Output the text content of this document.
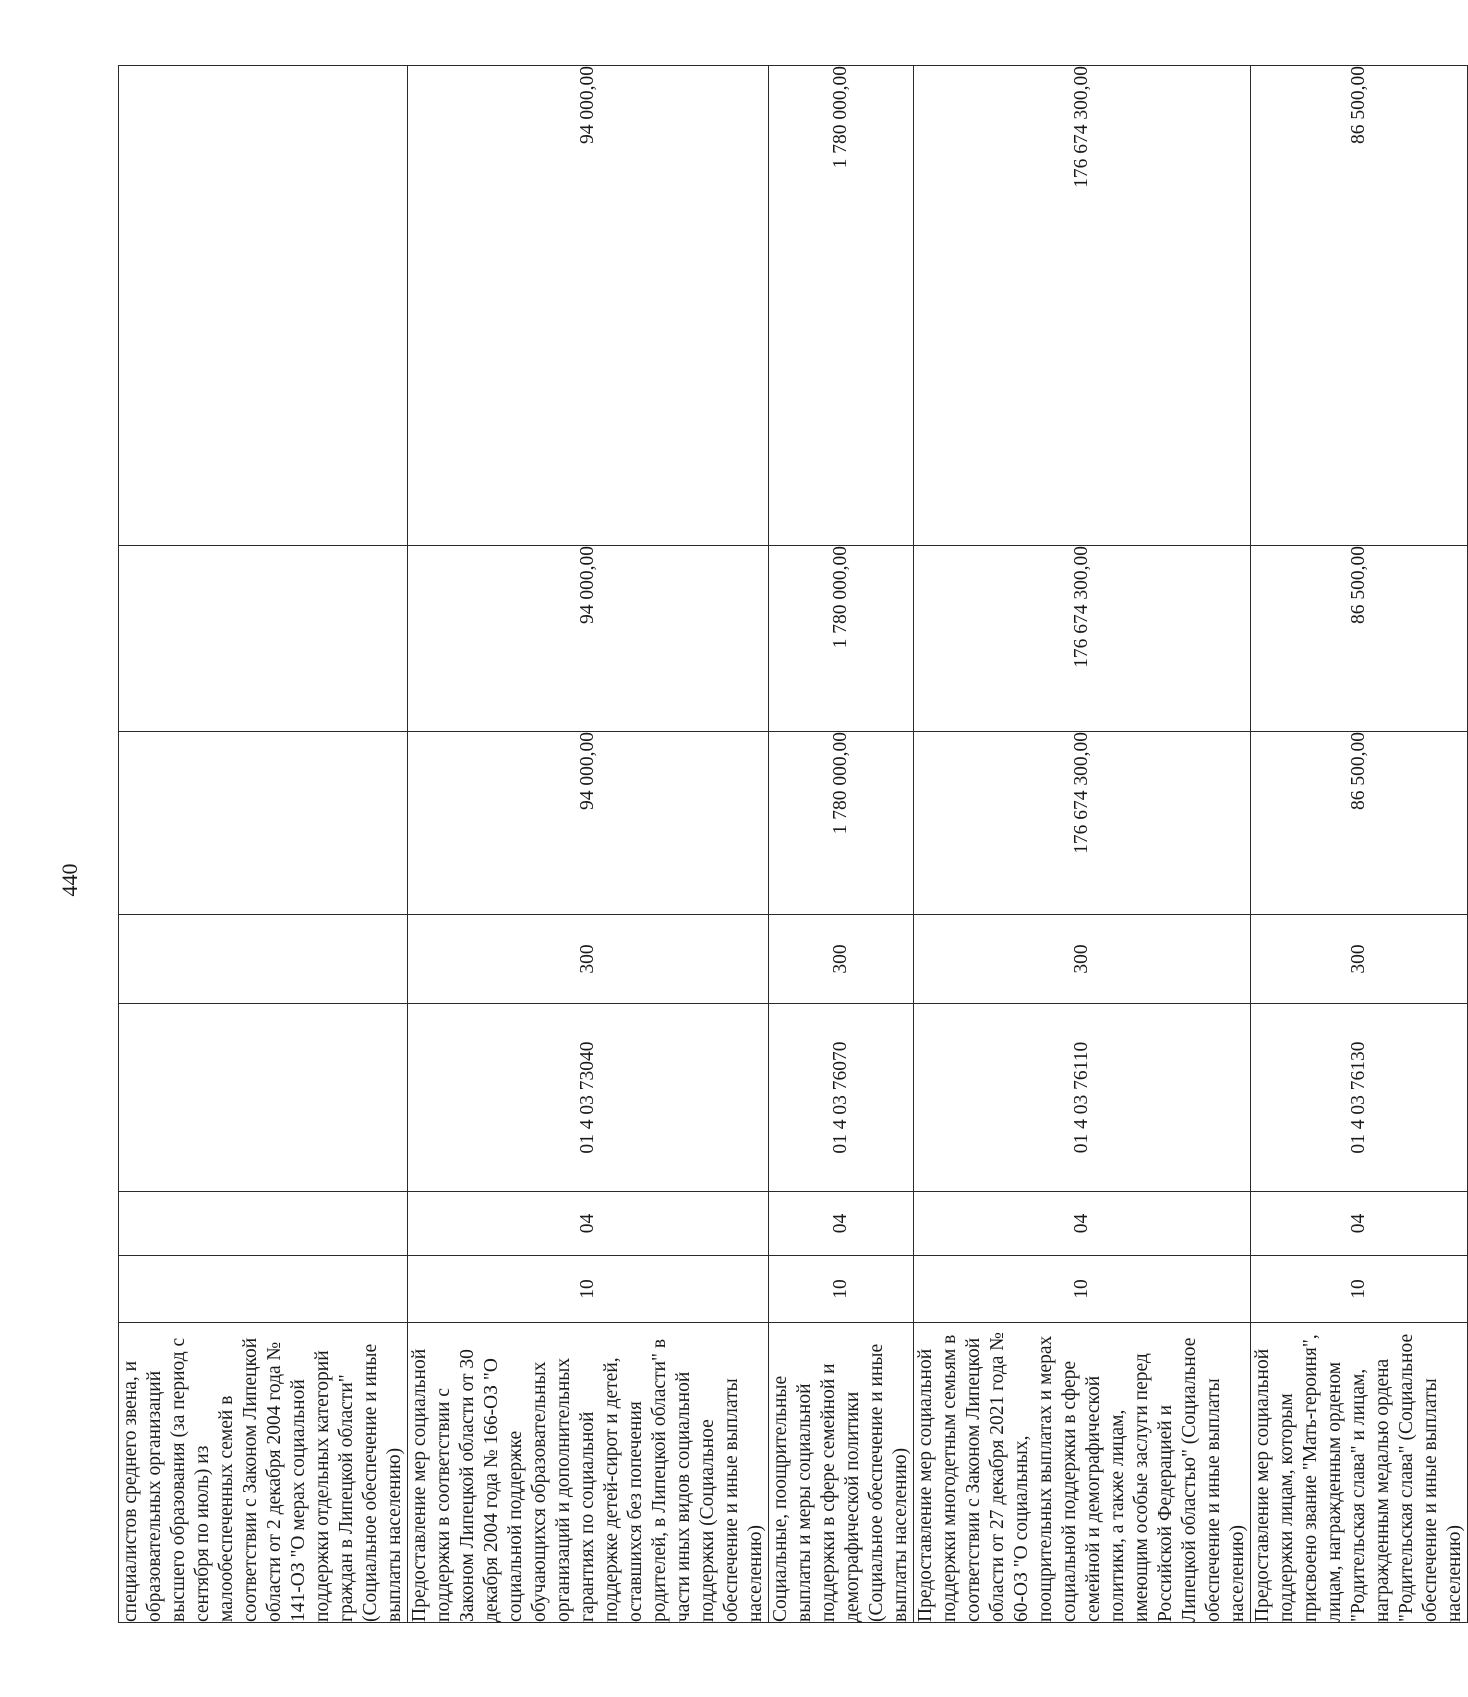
440
специалистов среднего звена, и образовательных организаций высшего образования (за период с сентября по июль) из малообеспеченных семей в соответствии с Законом Липецкой области от 2 декабря 2004 года № 141-ОЗ "О мерах социальной поддержки отдельных категорий граждан в Липецкой области" (Социальное обеспечение и иные выплаты населению)							
Предоставление мер социальной поддержки в соответствии с Законом Липецкой области от 30 декабря 2004 года № 166-ОЗ "О социальной поддержке обучающихся образовательных организаций и дополнительных гарантиях по социальной поддержке детей-сирот и детей, оставшихся без попечения родителей, в Липецкой области" в части иных видов социальной поддержки (Социальное обеспечение и иные выплаты населению)	10	04	01 4 03 73040	300	94 000,00	94 000,00	94 000,00
Социальные, поощрительные выплаты и меры социальной поддержки в сфере семейной и демографической политики (Социальное обеспечение и иные выплаты населению)	10	04	01 4 03 76070	300	1 780 000,00	1 780 000,00	1 780 000,00
Предоставление мер социальной поддержки многодетным семьям в соответствии с Законом Липецкой области от 27 декабря 2021 года № 60-ОЗ "О социальных, поощрительных выплатах и мерах социальной поддержки в сфере семейной и демографической политики, а также лицам, имеющим особые заслуги перед Российской Федерацией и Липецкой областью" (Социальное обеспечение и иные выплаты населению)	10	04	01 4 03 76110	300	176 674 300,00	176 674 300,00	176 674 300,00
Предоставление мер социальной поддержки лицам, которым присвоено звание "Мать-героиня", лицам, награжденным орденом "Родительская слава" и лицам, награжденным медалью ордена "Родительская слава" (Социальное обеспечение и иные выплаты населению)	10	04	01 4 03 76130	300	86 500,00	86 500,00	86 500,00
